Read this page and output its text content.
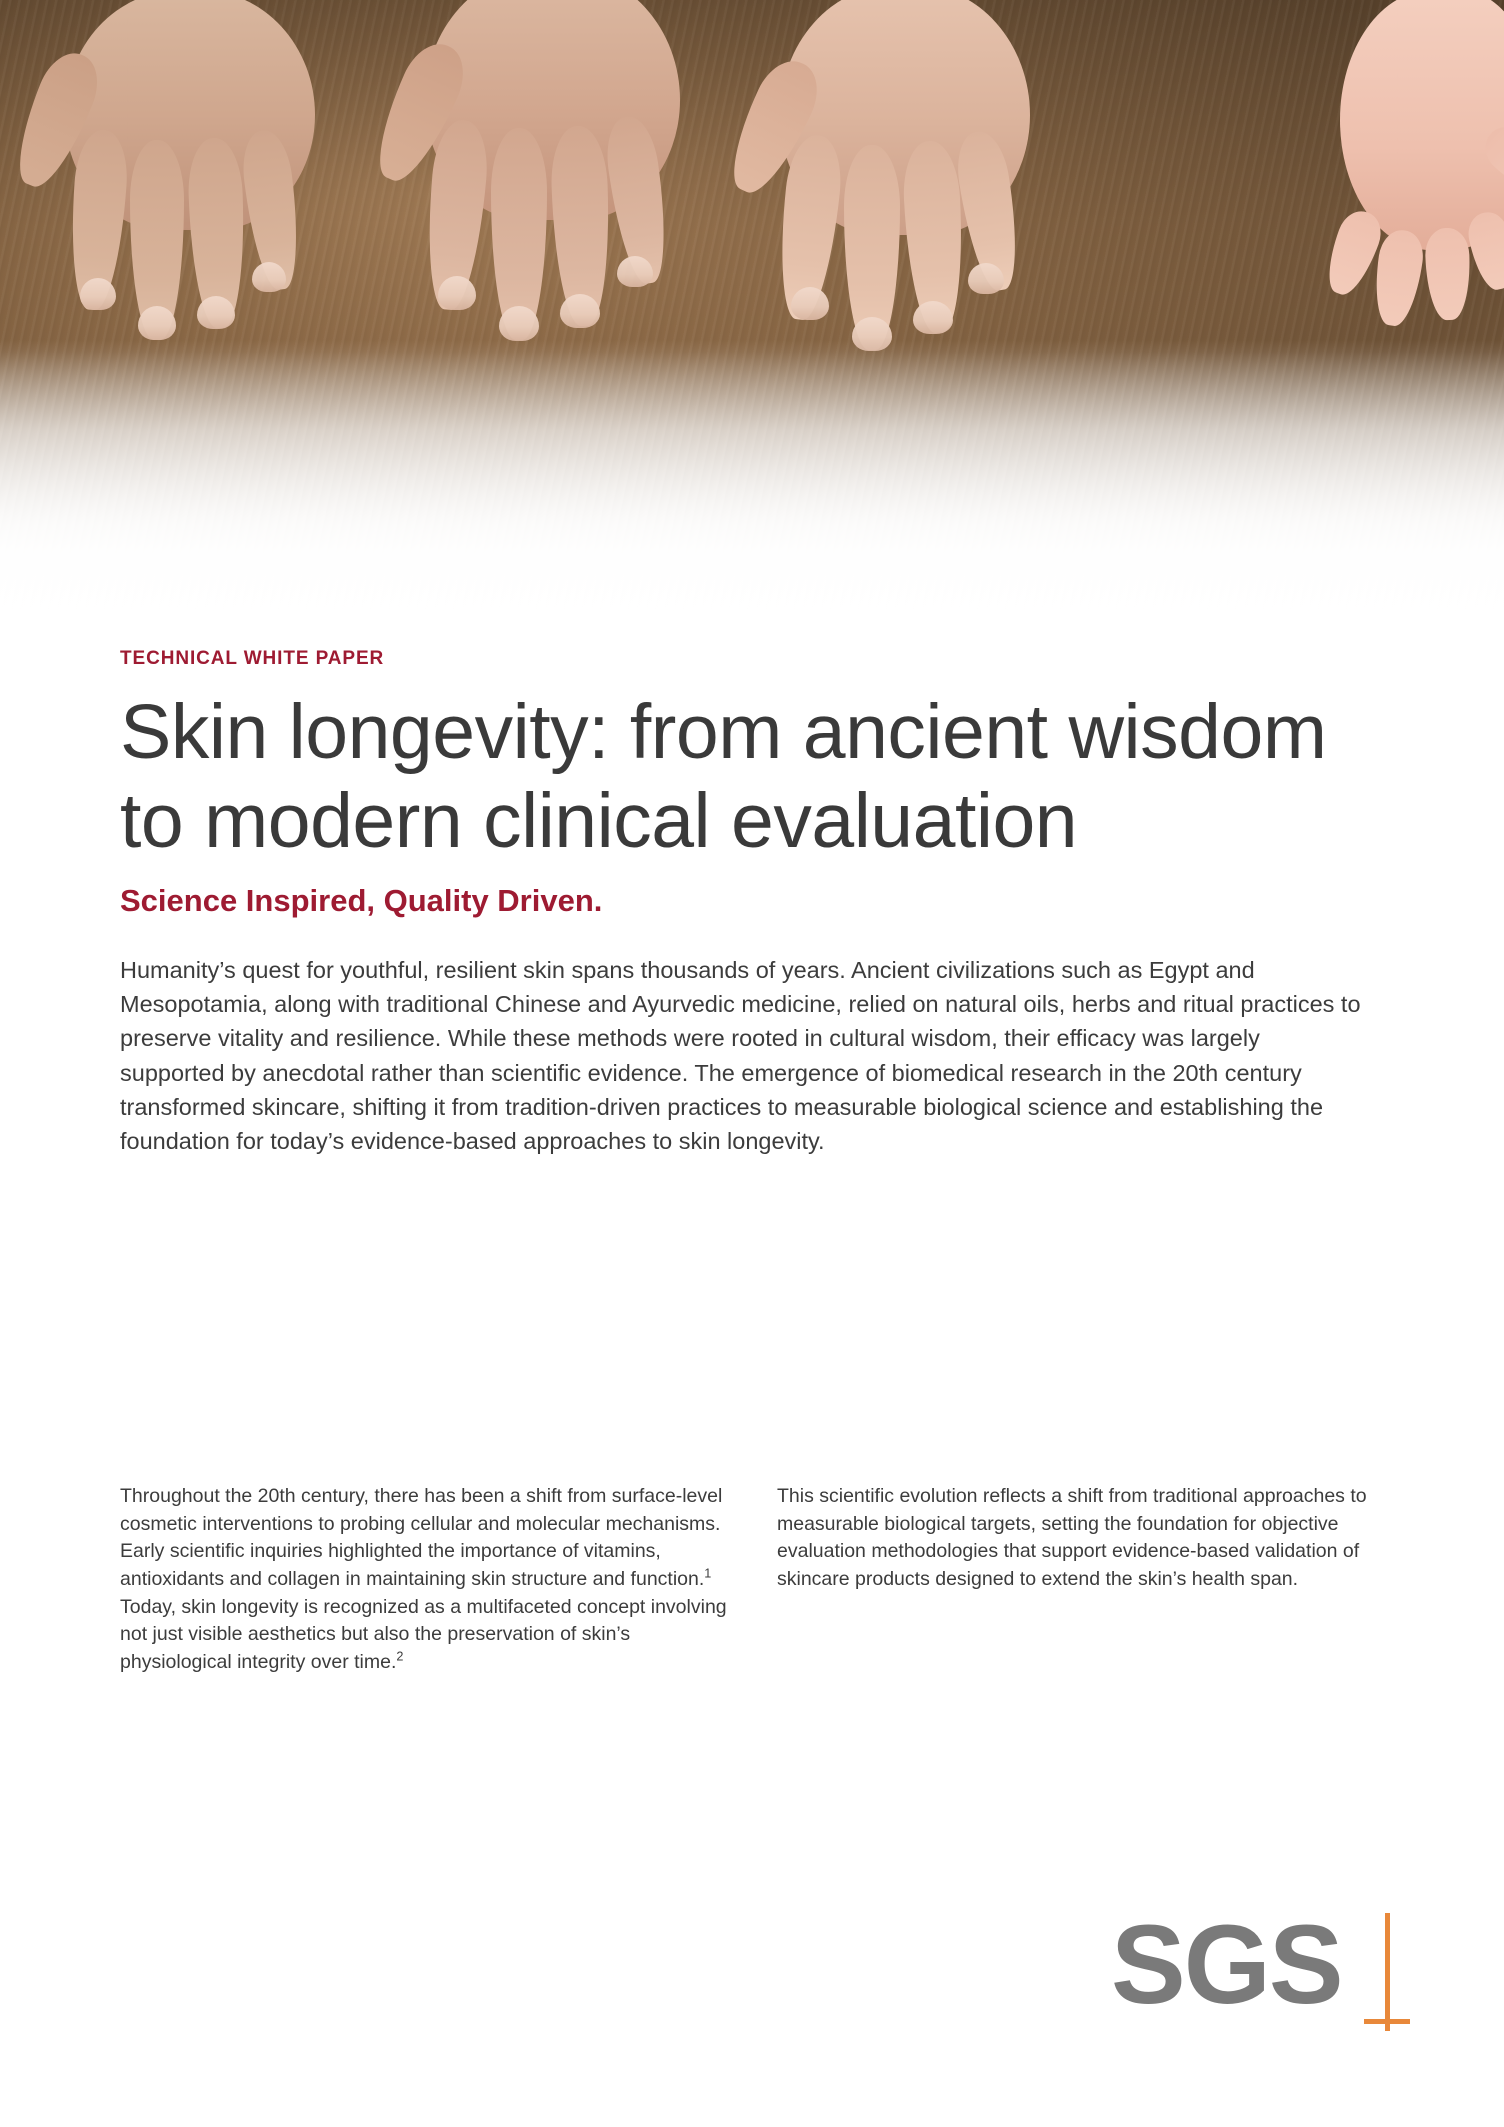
TECHNICAL WHITE PAPER

Skin longevity: from ancient wisdom to modern clinical evaluation

Science Inspired, Quality Driven.

Humanity’s quest for youthful, resilient skin spans thousands of years. Ancient civilizations such as Egypt and Mesopotamia, along with traditional Chinese and Ayurvedic medicine, relied on natural oils, herbs and ritual practices to preserve vitality and resilience. While these methods were rooted in cultural wisdom, their efficacy was largely supported by anecdotal rather than scientific evidence. The emergence of biomedical research in the 20th century transformed skincare, shifting it from tradition-driven practices to measurable biological science and establishing the foundation for today’s evidence-based approaches to skin longevity.

Throughout the 20th century, there has been a shift from surface-level cosmetic interventions to probing cellular and molecular mechanisms. Early scientific inquiries highlighted the importance of vitamins, antioxidants and collagen in maintaining skin structure and function.$^1$ Today, skin longevity is recognized as a multifaceted concept involving not just visible aesthetics but also the preservation of skin’s physiological integrity over time.$^2$

This scientific evolution reflects a shift from traditional approaches to measurable biological targets, setting the foundation for objective evaluation methodologies that support evidence-based validation of skincare products designed to extend the skin’s health span.

SGS
